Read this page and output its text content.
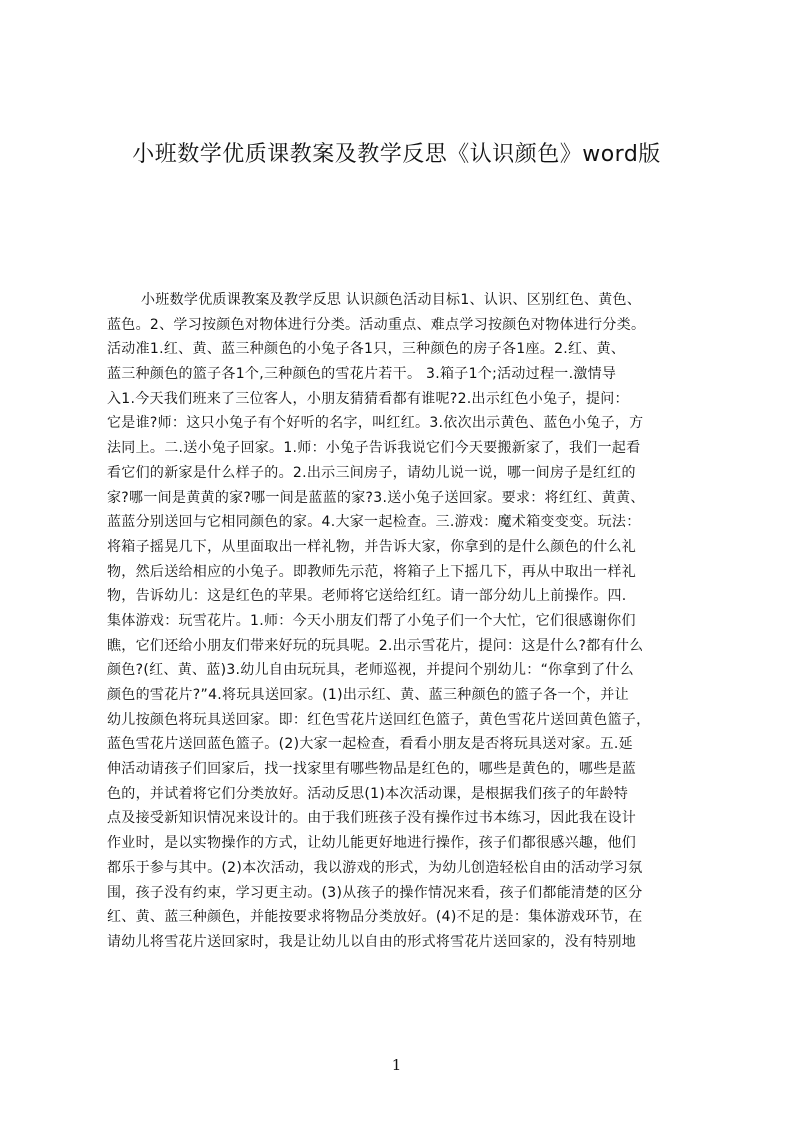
小班数学优质课教案及教学反思《认识颜色》word版
小班数学优质课教案及教学反思 认识颜色活动目标1、认识、区别红色、黄色、
蓝色。2、学习按颜色对物体进行分类。活动重点、难点学习按颜色对物体进行分类。
活动准1.红、黄、蓝三种颜色的小兔子各1只，三种颜色的房子各1座。2.红、黄、
蓝三种颜色的篮子各1个,三种颜色的雪花片若干。 3.箱子1个;活动过程一.激情导
入1.今天我们班来了三位客人，小朋友猜猜看都有谁呢?2.出示红色小兔子，提问：
它是谁?师：这只小兔子有个好听的名字，叫红红。3.依次出示黄色、蓝色小兔子，方
法同上。二.送小兔子回家。1.师：小兔子告诉我说它们今天要搬新家了，我们一起看
看它们的新家是什么样子的。2.出示三间房子，请幼儿说一说，哪一间房子是红红的
家?哪一间是黄黄的家?哪一间是蓝蓝的家?3.送小兔子送回家。要求：将红红、黄黄、
蓝蓝分别送回与它相同颜色的家。4.大家一起检查。三.游戏：魔术箱变变变。玩法：
将箱子摇晃几下，从里面取出一样礼物，并告诉大家，你拿到的是什么颜色的什么礼
物，然后送给相应的小兔子。即教师先示范，将箱子上下摇几下，再从中取出一样礼
物，告诉幼儿：这是红色的苹果。老师将它送给红红。请一部分幼儿上前操作。四.
集体游戏：玩雪花片。1.师：今天小朋友们帮了小兔子们一个大忙，它们很感谢你们
瞧，它们还给小朋友们带来好玩的玩具呢。2.出示雪花片，提问：这是什么?都有什么
颜色?(红、黄、蓝)3.幼儿自由玩玩具，老师巡视，并提问个别幼儿：“你拿到了什么
颜色的雪花片?”4.将玩具送回家。(1)出示红、黄、蓝三种颜色的篮子各一个，并让
幼儿按颜色将玩具送回家。即：红色雪花片送回红色篮子，黄色雪花片送回黄色篮子，
蓝色雪花片送回蓝色篮子。(2)大家一起检查，看看小朋友是否将玩具送对家。五.延
伸活动请孩子们回家后，找一找家里有哪些物品是红色的，哪些是黄色的，哪些是蓝
色的，并试着将它们分类放好。活动反思(1)本次活动课，是根据我们孩子的年龄特
点及接受新知识情况来设计的。由于我们班孩子没有操作过书本练习，因此我在设计
作业时，是以实物操作的方式，让幼儿能更好地进行操作，孩子们都很感兴趣，他们
都乐于参与其中。(2)本次活动，我以游戏的形式，为幼儿创造轻松自由的活动学习氛
围，孩子没有约束，学习更主动。(3)从孩子的操作情况来看，孩子们都能清楚的区分
红、黄、蓝三种颜色，并能按要求将物品分类放好。(4)不足的是：集体游戏环节，在
请幼儿将雪花片送回家时，我是让幼儿以自由的形式将雪花片送回家的，没有特别地
1
